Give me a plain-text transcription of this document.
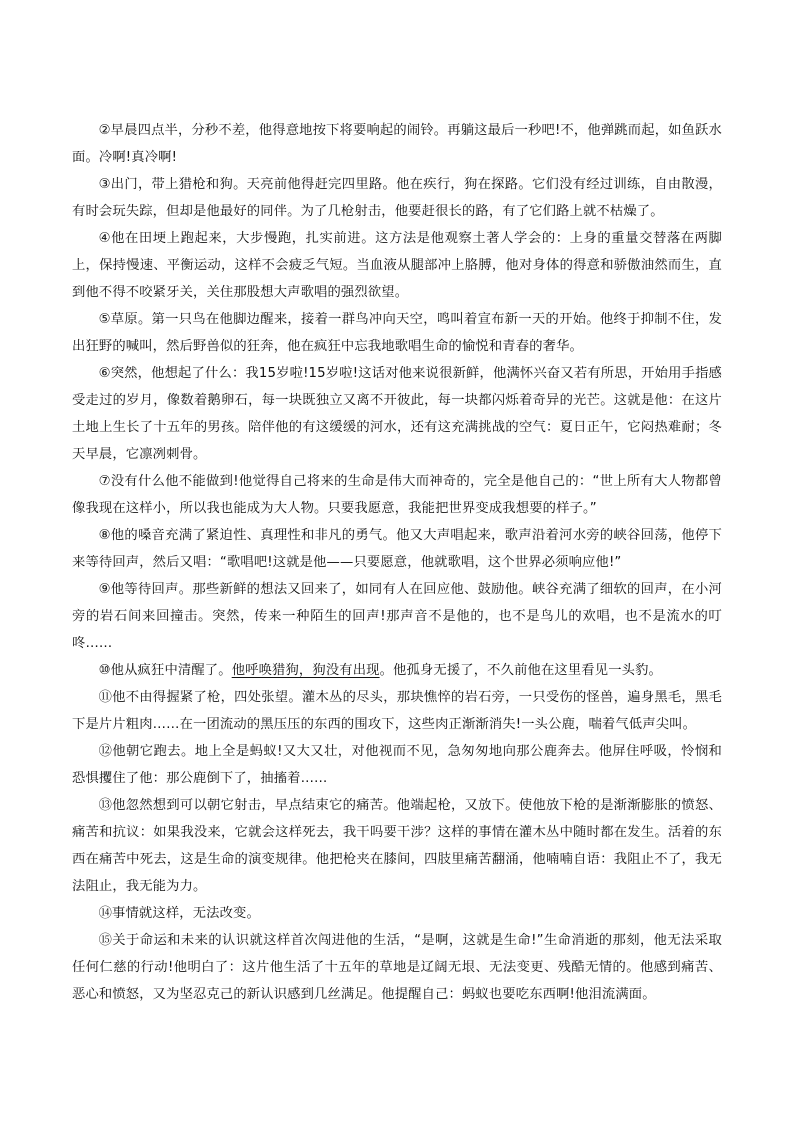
②早晨四点半，分秒不差，他得意地按下将要响起的闹铃。再躺这最后一秒吧!不，他弹跳而起，如鱼跃水面。冷啊!真冷啊!

③出门，带上猎枪和狗。天亮前他得赶完四里路。他在疾行，狗在探路。它们没有经过训练，自由散漫，有时会玩失踪，但却是他最好的同伴。为了几枪射击，他要赶很长的路，有了它们路上就不枯燥了。

④他在田埂上跑起来，大步慢跑，扎实前进。这方法是他观察土著人学会的：上身的重量交替落在两脚上，保持慢速、平衡运动，这样不会疲乏气短。当血液从腿部冲上胳膊，他对身体的得意和骄傲油然而生，直到他不得不咬紧牙关，关住那股想大声歌唱的强烈欲望。

⑤草原。第一只鸟在他脚边醒来，接着一群鸟冲向天空，鸣叫着宣布新一天的开始。他终于抑制不住，发出狂野的喊叫，然后野兽似的狂奔，他在疯狂中忘我地歌唱生命的愉悦和青春的奢华。

⑥突然，他想起了什么：我15岁啦!15岁啦!这话对他来说很新鲜，他满怀兴奋又若有所思，开始用手指感受走过的岁月，像数着鹅卵石，每一块既独立又离不开彼此，每一块都闪烁着奇异的光芒。这就是他：在这片土地上生长了十五年的男孩。陪伴他的有这缓缓的河水，还有这充满挑战的空气：夏日正午，它闷热难耐；冬天早晨，它凛冽刺骨。

⑦没有什么他不能做到!他觉得自己将来的生命是伟大而神奇的，完全是他自己的：“世上所有大人物都曾像我现在这样小，所以我也能成为大人物。只要我愿意，我能把世界变成我想要的样子。”

⑧他的嗓音充满了紧迫性、真理性和非凡的勇气。他又大声唱起来，歌声沿着河水旁的峡谷回荡，他停下来等待回声，然后又唱：“歌唱吧!这就是他——只要愿意，他就歌唱，这个世界必须响应他!”

⑨他等待回声。那些新鲜的想法又回来了，如同有人在回应他、鼓励他。峡谷充满了细软的回声，在小河旁的岩石间来回撞击。突然，传来一种陌生的回声!那声音不是他的，也不是鸟儿的欢唱，也不是流水的叮咚……

⑩他从疯狂中清醒了。他呼唤猎狗，狗没有出现。他孤身无援了，不久前他在这里看见一头豹。

⑪他不由得握紧了枪，四处张望。灌木丛的尽头，那块憔悴的岩石旁，一只受伤的怪兽，遍身黑毛，黑毛下是片片粗肉……在一团流动的黑压压的东西的围攻下，这些肉正渐渐消失!一头公鹿，喘着气低声尖叫。

⑫他朝它跑去。地上全是蚂蚁!又大又壮，对他视而不见，急匆匆地向那公鹿奔去。他屏住呼吸，怜悯和恐惧攫住了他：那公鹿倒下了，抽搐着……

⑬他忽然想到可以朝它射击，早点结束它的痛苦。他端起枪，又放下。使他放下枪的是渐渐膨胀的愤怒、痛苦和抗议：如果我没来，它就会这样死去，我干吗要干涉？这样的事情在灌木丛中随时都在发生。活着的东西在痛苦中死去，这是生命的演变规律。他把枪夹在膝间，四肢里痛苦翻涌，他喃喃自语：我阻止不了，我无法阻止，我无能为力。

⑭事情就这样，无法改变。

⑮关于命运和未来的认识就这样首次闯进他的生活，“是啊，这就是生命!”生命消逝的那刻，他无法采取任何仁慈的行动!他明白了：这片他生活了十五年的草地是辽阔无垠、无法变更、残酷无情的。他感到痛苦、恶心和愤怒，又为坚忍克己的新认识感到几丝满足。他提醒自己：蚂蚁也要吃东西啊!他泪流满面。
